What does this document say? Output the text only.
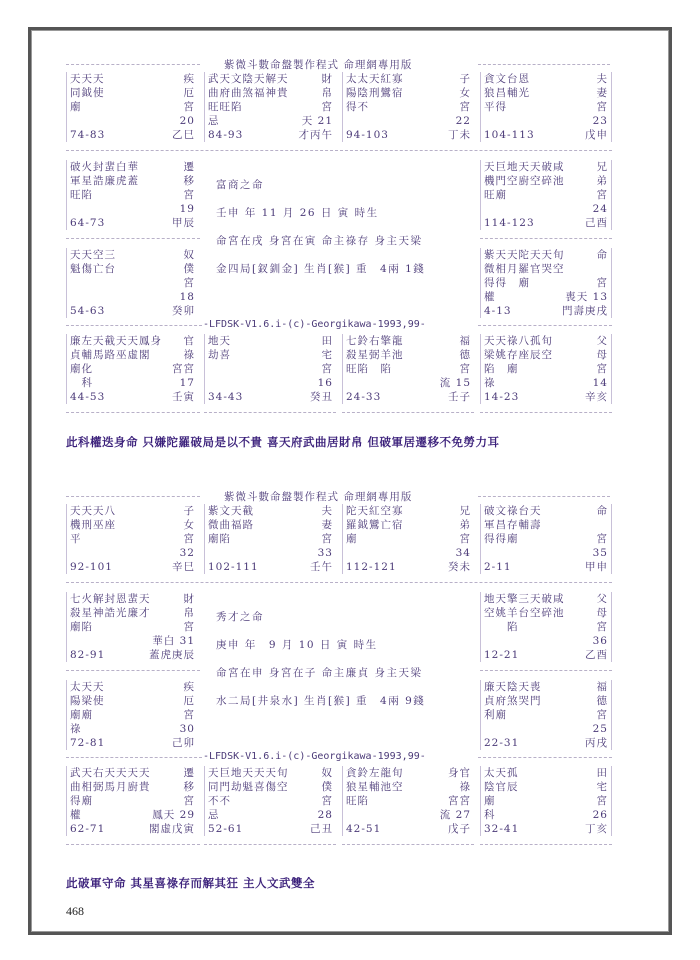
紫微斗數命盤製作程式 命理網專用版
天天天	疾
同鉞使	厄
廟	宮
20
74-83	乙巳
武天文陰天解天	財
曲府曲煞福神貴	帛
旺旺陷	宮
忌	天 21
84-93	才丙午
太太天紅寡	子
陽陰刑鸞宿	女
得不	宮
22
94-103	丁未
貪文台恩	夫
狼昌輔光	妻
平得	宮
23
104-113	戊申
破火封蜚白華	遷
軍星誥廉虎蓋	移
旺陷	宮
19
64-73	甲辰
天巨地天天破咸	兄
機門空廚空碎池	弟
旺廟	宮
24
114-123	己酉
富商之命
壬申 年 11 月 26 日 寅 時生
命宮在戌 身宮在寅 命主祿存 身主天梁
金四局[釵釧金] 生肖[猴] 重　4兩 1錢
天天空三	奴
魁傷亡台	僕
宮
18
54-63	癸卯
紫天天陀天天旬	命
微相月羅官哭空
得得　廟	宮
權	喪天 13
4-13	門壽庚戌
-LFDSK-V1.6.i-(c)-Georgikawa-1993,99-
廉左天截天天鳳身 官
貞輔馬路巫虛閣	祿
廟化	宮宮
　科	17
44-53	壬寅
地天	田
劫喜	宅
宮
16
34-43	癸丑
七鈴右擎龍	福
殺星弼羊池	德
旺陷　陷	宮
流 15
24-33	壬子
天天祿八孤旬	父
梁姚存座辰空	母
陷　廟	宮
祿	14
14-23	辛亥
此科權迭身命 只嫌陀羅破局是以不貴 喜天府武曲居財帛 但破軍居遷移不免勞力耳
紫微斗數命盤製作程式 命理網專用版
天天天八	子
機刑巫座	女
平	宮
32
92-101	辛巳
紫文天截	夫
微曲福路	妻
廟陷	宮
33
102-111	壬午
陀天紅空寡	兄
羅鉞鸞亡宿	弟
廟	宮
34
112-121	癸未
破文祿台天	命
軍昌存輔壽
得得廟	宮
35
2-11	甲申
七火解封恩蜚天	財
殺星神誥光廉才	帛
廟陷	宮
華白 31
82-91	蓋虎庚辰
地天擎三天破咸	父
空姚羊台空碎池	母
　　陷	宮
36
12-21	乙酉
秀才之命
庚申 年　9 月 10 日 寅 時生
命宮在申 身宮在子 命主廉貞 身主天梁
水二局[井泉水] 生肖[猴] 重　4兩 9錢
太天天	疾
陽梁使	厄
廟廟	宮
祿	30
72-81	己卯
廉天陰天喪	福
貞府煞哭門	德
利廟	宮
25
22-31	丙戌
-LFDSK-V1.6.i-(c)-Georgikawa-1993,99-
武天右天天天天	遷
曲相弼馬月廚貴	移
得廟	宮
權	鳳天 29
62-71	閣虛戊寅
天巨地天天天旬	奴
同門劫魁喜傷空	僕
不不	宮
忌	28
52-61	己丑
貪鈴左龍旬	身官
狼星輔池空	祿
旺陷	宮宮
流 27
42-51	戊子
太天孤	田
陰官辰	宅
廟	宮
科	26
32-41	丁亥
此破軍守命 其星喜祿存而解其狂 主人文武雙全
468
